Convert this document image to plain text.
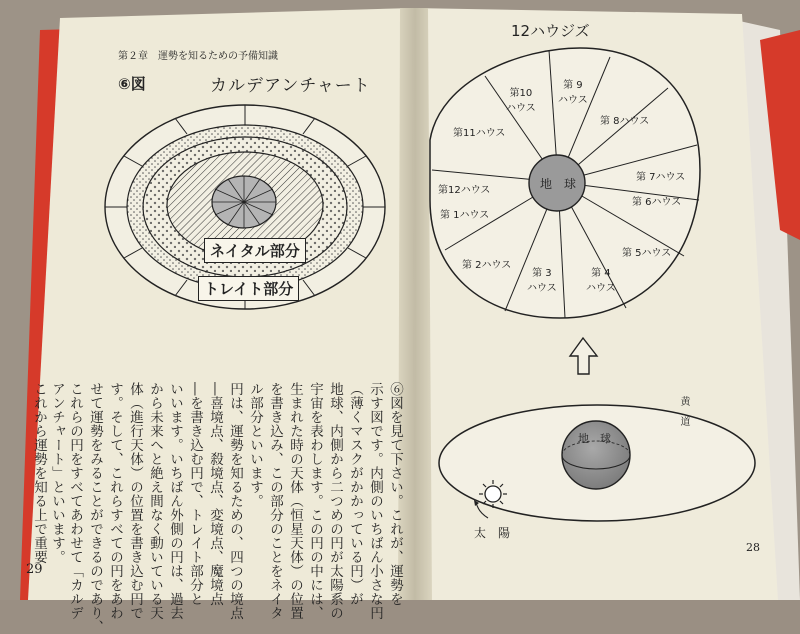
第２章　運勢を知るための予備知識
⑥図	カルデアンチャート
ネイタル部分
トレイト部分
29	⑥図を見て下さい。これが、運勢を
示す図です。内側のいちばん小さな円
（薄くマスクがかかっている円）が
地球、内側から二つめの円が太陽系の
宇宙を表わします。この円の中には、
生まれた時の天体（恒星天体）の位置
を書き込み、この部分のことをネイタ
ル部分といいます。
円は、運勢を知るための、四つの境点
―喜境点、殺境点、変境点、魔境点
―を書き込む円で、トレイト部分と
いいます。いちばん外側の円は、過去
から未来へと絶え間なく動いている天
体（進行天体）の位置を書き込む円で
す。そして、これらすべての円をあわ
せて運勢をみることができるのであり、
これらの円をすべてあわせて「カルデ
アンチャート」といいます。
これから運勢を知る上で重要
12ハウジズ
地　球
第10
ハウス
第 9
ハウス
第 8ハウス
第 7ハウス
第 6ハウス
第 5ハウス
第 4
ハウス
第 3
ハウス
第 2ハウス
第 1ハウス
第12ハウス
第11ハウス
黄　道
地　球
太　陽
28
